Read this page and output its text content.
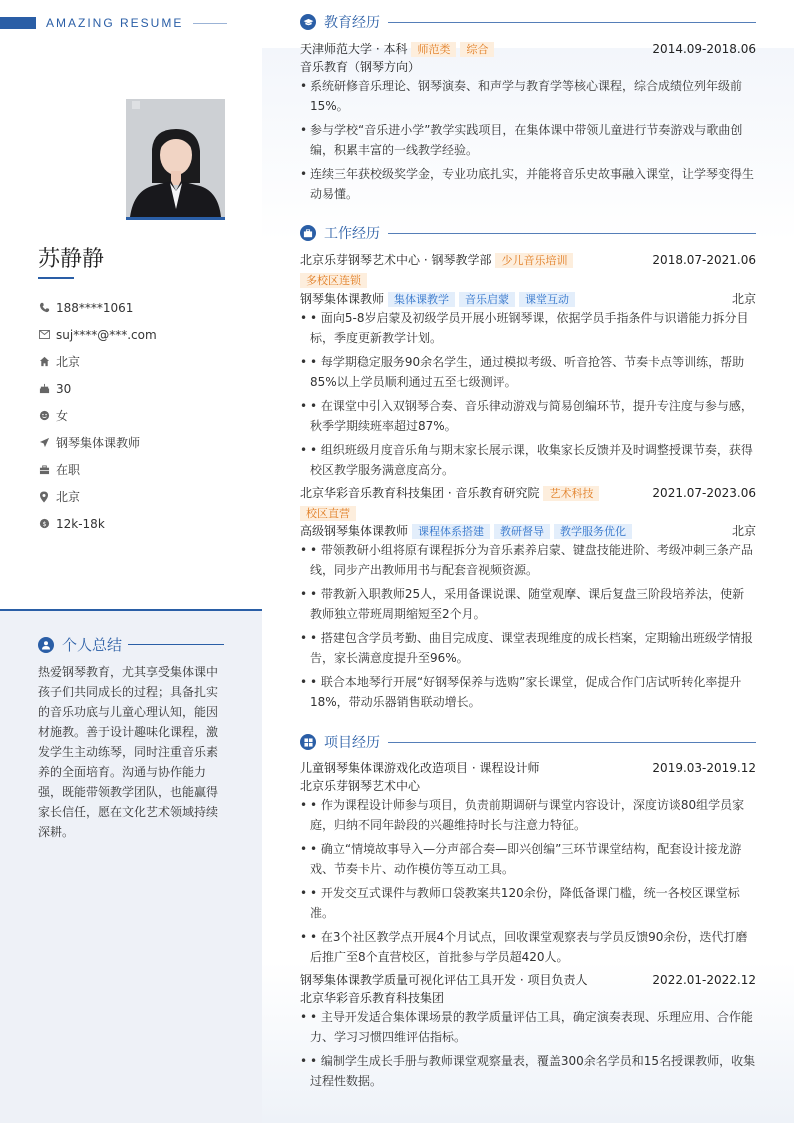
AMAZING RESUME
苏静静
188****1061
suj****@***.com
北京
30
女
钢琴集体课教师
在职
北京
$ 12k-18k
个人总结
热爱钢琴教育，尤其享受集体课中孩子们共同成长的过程；具备扎实的音乐功底与儿童心理认知，能因材施教。善于设计趣味化课程，激发学生主动练琴，同时注重音乐素养的全面培育。沟通与协作能力强，既能带领教学团队，也能赢得家长信任，愿在文化艺术领域持续深耕。
教育经历
天津师范大学 · 本科 师范类 综合	2014.09-2018.06
音乐教育（钢琴方向）
• 系统研修音乐理论、钢琴演奏、和声学与教育学等核心课程，综合成绩位列年级前15%。
• 参与学校“音乐进小学”教学实践项目，在集体课中带领儿童进行节奏游戏与歌曲创编，积累丰富的一线教学经验。
• 连续三年获校级奖学金，专业功底扎实，并能将音乐史故事融入课堂，让学琴变得生动易懂。
工作经历
北京乐芽钢琴艺术中心 · 钢琴教学部 少儿音乐培训	2018.07-2021.06
多校区连锁
钢琴集体课教师 集体课教学 音乐启蒙 课堂互动	北京
• • 面向5-8岁启蒙及初级学员开展小班钢琴课，依据学员手指条件与识谱能力拆分目标，季度更新教学计划。
• • 每学期稳定服务90余名学生，通过模拟考级、听音抢答、节奏卡点等训练，帮助85%以上学员顺利通过五至七级测评。
• • 在课堂中引入双钢琴合奏、音乐律动游戏与简易创编环节，提升专注度与参与感，秋季学期续班率超过87%。
• • 组织班级月度音乐角与期末家长展示课，收集家长反馈并及时调整授课节奏，获得校区教学服务满意度高分。
北京华彩音乐教育科技集团 · 音乐教育研究院 艺术科技	2021.07-2023.06
校区直营
高级钢琴集体课教师 课程体系搭建 教研督导 教学服务优化	北京
• • 带领教研小组将原有课程拆分为音乐素养启蒙、键盘技能进阶、考级冲刺三条产品线，同步产出教师用书与配套音视频资源。
• • 带教新入职教师25人，采用备课说课、随堂观摩、课后复盘三阶段培养法，使新教师独立带班周期缩短至2个月。
• • 搭建包含学员考勤、曲目完成度、课堂表现维度的成长档案，定期输出班级学情报告，家长满意度提升至96%。
• • 联合本地琴行开展“好钢琴保养与选购”家长课堂，促成合作门店试听转化率提升18%，带动乐器销售联动增长。
项目经历
儿童钢琴集体课游戏化改造项目 · 课程设计师	2019.03-2019.12
北京乐芽钢琴艺术中心
• • 作为课程设计师参与项目，负责前期调研与课堂内容设计，深度访谈80组学员家庭，归纳不同年龄段的兴趣维持时长与注意力特征。
• • 确立“情境故事导入—分声部合奏—即兴创编”三环节课堂结构，配套设计接龙游戏、节奏卡片、动作模仿等互动工具。
• • 开发交互式课件与教师口袋教案共120余份，降低备课门槛，统一各校区课堂标准。
• • 在3个社区教学点开展4个月试点，回收课堂观察表与学员反馈90余份，迭代打磨后推广至8个直营校区，首批参与学员超420人。
钢琴集体课教学质量可视化评估工具开发 · 项目负责人	2022.01-2022.12
北京华彩音乐教育科技集团
• • 主导开发适合集体课场景的教学质量评估工具，确定演奏表现、乐理应用、合作能力、学习习惯四维评估指标。
• • 编制学生成长手册与教师课堂观察量表，覆盖300余名学员和15名授课教师，收集过程性数据。
